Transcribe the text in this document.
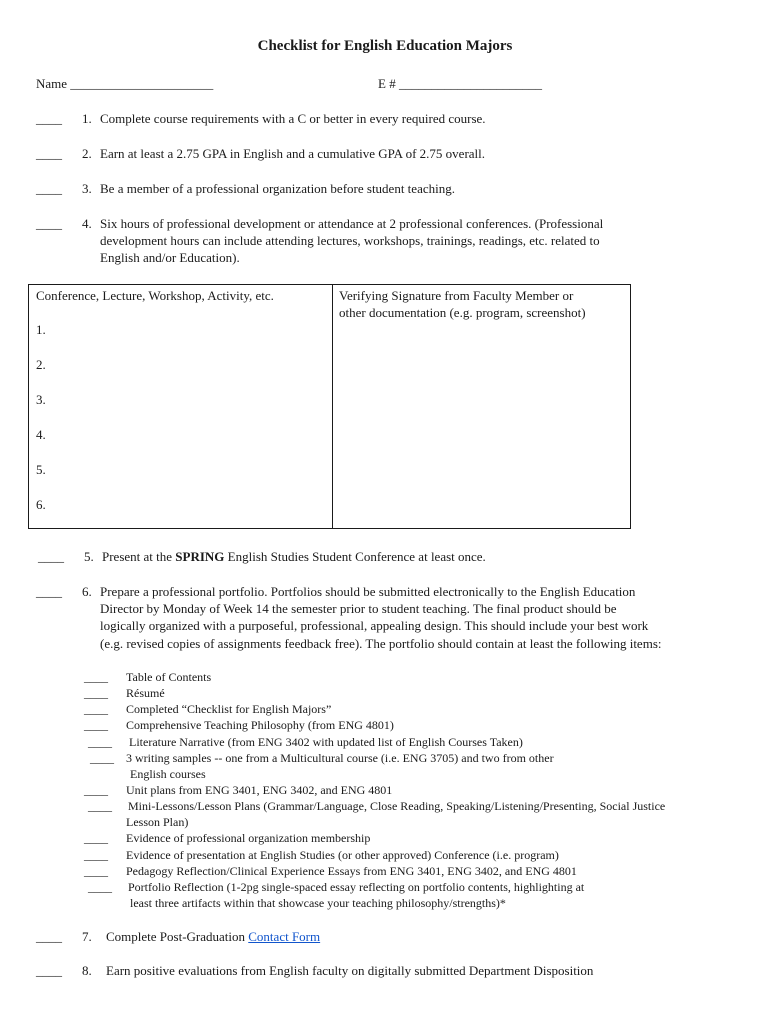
Checklist for English Education Majors
Name ______________________	E # ______________________
____ 1. Complete course requirements with a C or better in every required course.
____ 2. Earn at least a 2.75 GPA in English and a cumulative GPA of 2.75 overall.
____ 3. Be a member of a professional organization before student teaching.
____ 4. Six hours of professional development or attendance at 2 professional conferences. (Professional
development hours can include attending lectures, workshops, trainings, readings, etc. related to
English and/or Education).
Conference, Lecture, Workshop, Activity, etc.	Verifying Signature from Faculty Member or
other documentation (e.g. program, screenshot)
1.
2.
3.
4.
5.
6.
____ 5. Present at the SPRING English Studies Student Conference at least once.
____ 6. Prepare a professional portfolio. Portfolios should be submitted electronically to the English Education
Director by Monday of Week 14 the semester prior to student teaching. The final product should be
logically organized with a purposeful, professional, appealing design. This should include your best work
(e.g. revised copies of assignments feedback free). The portfolio should contain at least the following items:
____ Table of Contents
____ Résumé
____ Completed “Checklist for English Majors”
____ Comprehensive Teaching Philosophy (from ENG 4801)
____ Literature Narrative (from ENG 3402 with updated list of English Courses Taken)
____ 3 writing samples -- one from a Multicultural course (i.e. ENG 3705) and two from other
English courses
____ Unit plans from ENG 3401, ENG 3402, and ENG 4801
____ Mini-Lessons/Lesson Plans (Grammar/Language, Close Reading, Speaking/Listening/Presenting, Social Justice
Lesson Plan)
____ Evidence of professional organization membership
____ Evidence of presentation at English Studies (or other approved) Conference (i.e. program)
____ Pedagogy Reflection/Clinical Experience Essays from ENG 3401, ENG 3402, and ENG 4801
____ Portfolio Reflection (1-2pg single-spaced essay reflecting on portfolio contents, highlighting at
least three artifacts within that showcase your teaching philosophy/strengths)*
____ 7. Complete Post-Graduation Contact Form
____ 8. Earn positive evaluations from English faculty on digitally submitted Department Disposition
